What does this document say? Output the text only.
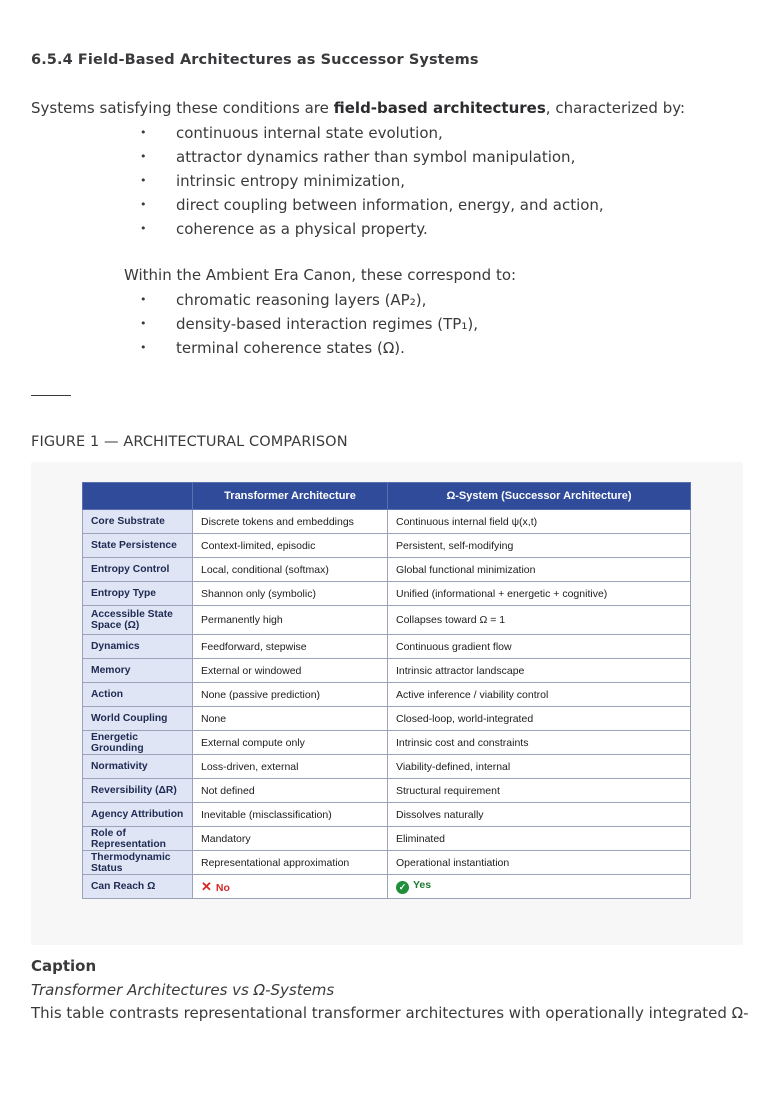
6.5.4 Field-Based Architectures as Successor Systems

Systems satisfying these conditions are field-based architectures, characterized by:

• continuous internal state evolution,
• attractor dynamics rather than symbol manipulation,
• intrinsic entropy minimization,
• direct coupling between information, energy, and action,
• coherence as a physical property.

Within the Ambient Era Canon, these correspond to:

• chromatic reasoning layers (AP₂),
• density-based interaction regimes (TP₁),
• terminal coherence states (Ω).
FIGURE 1 — ARCHITECTURAL COMPARISON
	Transformer Architecture	Ω-System (Successor Architecture)
Core Substrate	Discrete tokens and embeddings	Continuous internal field ψ(x,t)
State Persistence	Context-limited, episodic	Persistent, self-modifying
Entropy Control	Local, conditional (softmax)	Global functional minimization
Entropy Type	Shannon only (symbolic)	Unified (informational + energetic + cognitive)
Accessible State Space (Ω)	Permanently high	Collapses toward Ω = 1
Dynamics	Feedforward, stepwise	Continuous gradient flow
Memory	External or windowed	Intrinsic attractor landscape
Action	None (passive prediction)	Active inference / viability control
World Coupling	None	Closed-loop, world-integrated
Energetic Grounding	External compute only	Intrinsic cost and constraints
Normativity	Loss-driven, external	Viability-defined, internal
Reversibility (ΔR)	Not defined	Structural requirement
Agency Attribution	Inevitable (misclassification)	Dissolves naturally
Role of Representation	Mandatory	Eliminated
Thermodynamic Status	Representational approximation	Operational instantiation
Can Reach Ω	✕ No	✓ Yes
Caption

Transformer Architectures vs Ω-Systems

This table contrasts representational transformer architectures with operationally integrated Ω-
